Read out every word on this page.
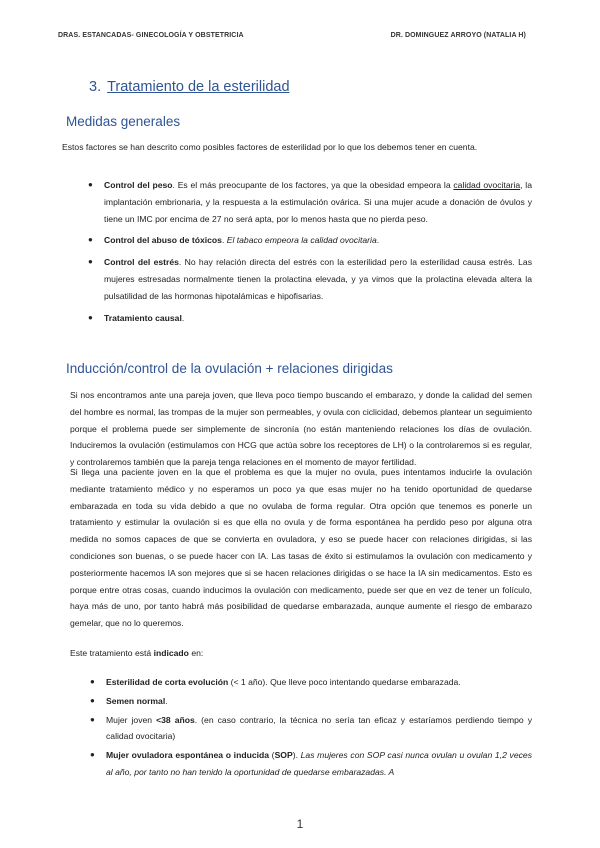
DRAS. ESTANCADAS- GINECOLOGÍA Y OBSTETRICIA	DR. DOMINGUEZ ARROYO (NATALIA H)
3. Tratamiento de la esterilidad
Medidas generales
Estos factores se han descrito como posibles factores de esterilidad por lo que los debemos tener en cuenta.
● Control del peso. Es el más preocupante de los factores, ya que la obesidad empeora la calidad ovocitaria, la implantación embrionaria, y la respuesta a la estimulación ovárica. Si una mujer acude a donación de óvulos y tiene un IMC por encima de 27 no será apta, por lo menos hasta que no pierda peso.
● Control del abuso de tóxicos. El tabaco empeora la calidad ovocitaria.
● Control del estrés. No hay relación directa del estrés con la esterilidad pero la esterilidad causa estrés. Las mujeres estresadas normalmente tienen la prolactina elevada, y ya vimos que la prolactina elevada altera la pulsatilidad de las hormonas hipotalámicas e hipofisarias.
● Tratamiento causal.
Inducción/control de la ovulación + relaciones dirigidas
Si nos encontramos ante una pareja joven, que lleva poco tiempo buscando el embarazo, y donde la calidad del semen del hombre es normal, las trompas de la mujer son permeables, y ovula con ciclicidad, debemos plantear un seguimiento porque el problema puede ser simplemente de sincronía (no están manteniendo relaciones los días de ovulación. Induciremos la ovulación (estimulamos con HCG que actúa sobre los receptores de LH) o la controlaremos si es regular, y controlaremos también que la pareja tenga relaciones en el momento de mayor fertilidad.
Si llega una paciente joven en la que el problema es que la mujer no ovula, pues intentamos inducirle la ovulación mediante tratamiento médico y no esperamos un poco ya que esas mujer no ha tenido oportunidad de quedarse embarazada en toda su vida debido a que no ovulaba de forma regular. Otra opción que tenemos es ponerle un tratamiento y estimular la ovulación si es que ella no ovula y de forma espontánea ha perdido peso por alguna otra medida no somos capaces de que se convierta en ovuladora, y eso se puede hacer con relaciones dirigidas, si las condiciones son buenas, o se puede hacer con IA. Las tasas de éxito si estimulamos la ovulación con medicamento y posteriormente hacemos IA son mejores que si se hacen relaciones dirigidas o se hace la IA sin medicamentos. Esto es porque entre otras cosas, cuando inducimos la ovulación con medicamento, puede ser que en vez de tener un folículo, haya más de uno, por tanto habrá más posibilidad de quedarse embarazada, aunque aumente el riesgo de embarazo gemelar, que no lo queremos.
Este tratamiento está indicado en:
● Esterilidad de corta evolución (< 1 año). Que lleve poco intentando quedarse embarazada.
● Semen normal.
● Mujer joven <38 años. (en caso contrario, la técnica no sería tan eficaz y estaríamos perdiendo tiempo y calidad ovocitaria)
● Mujer ovuladora espontánea o inducida (SOP). Las mujeres con SOP casi nunca ovulan u ovulan 1,2 veces al año, por tanto no han tenido la oportunidad de quedarse embarazadas. A
1
